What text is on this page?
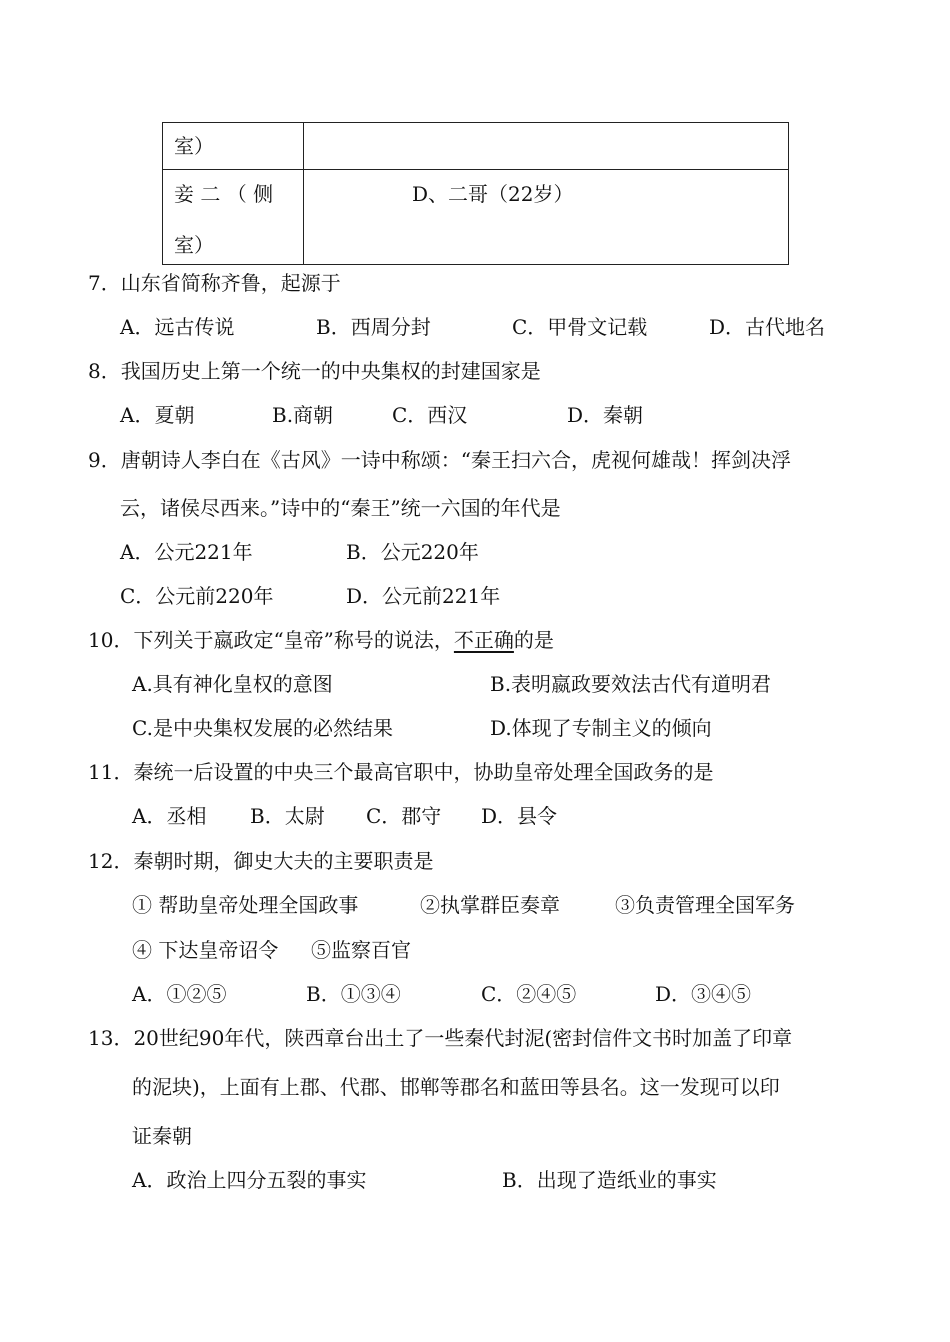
室）	

妾 二 （ 侧
室）	D、二哥（22岁）
7．山东省简称齐鲁，起源于
A．远古传说	B．西周分封	C．甲骨文记载	D．古代地名
8．我国历史上第一个统一的中央集权的封建国家是
A．夏朝	B.商朝	C．西汉	D．秦朝
9．唐朝诗人李白在《古风》一诗中称颂：“秦王扫六合，虎视何雄哉！挥剑决浮
云，诸侯尽西来。”诗中的“秦王”统一六国的年代是
A．公元221年	B．公元220年
C．公元前220年	D．公元前221年
10．下列关于嬴政定“皇帝”称号的说法，不正确的是
A.具有神化皇权的意图	B.表明嬴政要效法古代有道明君
C.是中央集权发展的必然结果	D.体现了专制主义的倾向
11．秦统一后设置的中央三个最高官职中，协助皇帝处理全国政务的是
A．丞相 B．太尉 C．郡守 D．县令
12．秦朝时期，御史大夫的主要职责是
① 帮助皇帝处理全国政事	②执掌群臣奏章	③负责管理全国军务
④ 下达皇帝诏令 ⑤监察百官
A．①②⑤	B．①③④	C．②④⑤	D．③④⑤
13．20世纪90年代，陕西章台出土了一些秦代封泥(密封信件文书时加盖了印章
的泥块)，上面有上郡、代郡、邯郸等郡名和蓝田等县名。这一发现可以印
证秦朝
A．政治上四分五裂的事实	B．出现了造纸业的事实
